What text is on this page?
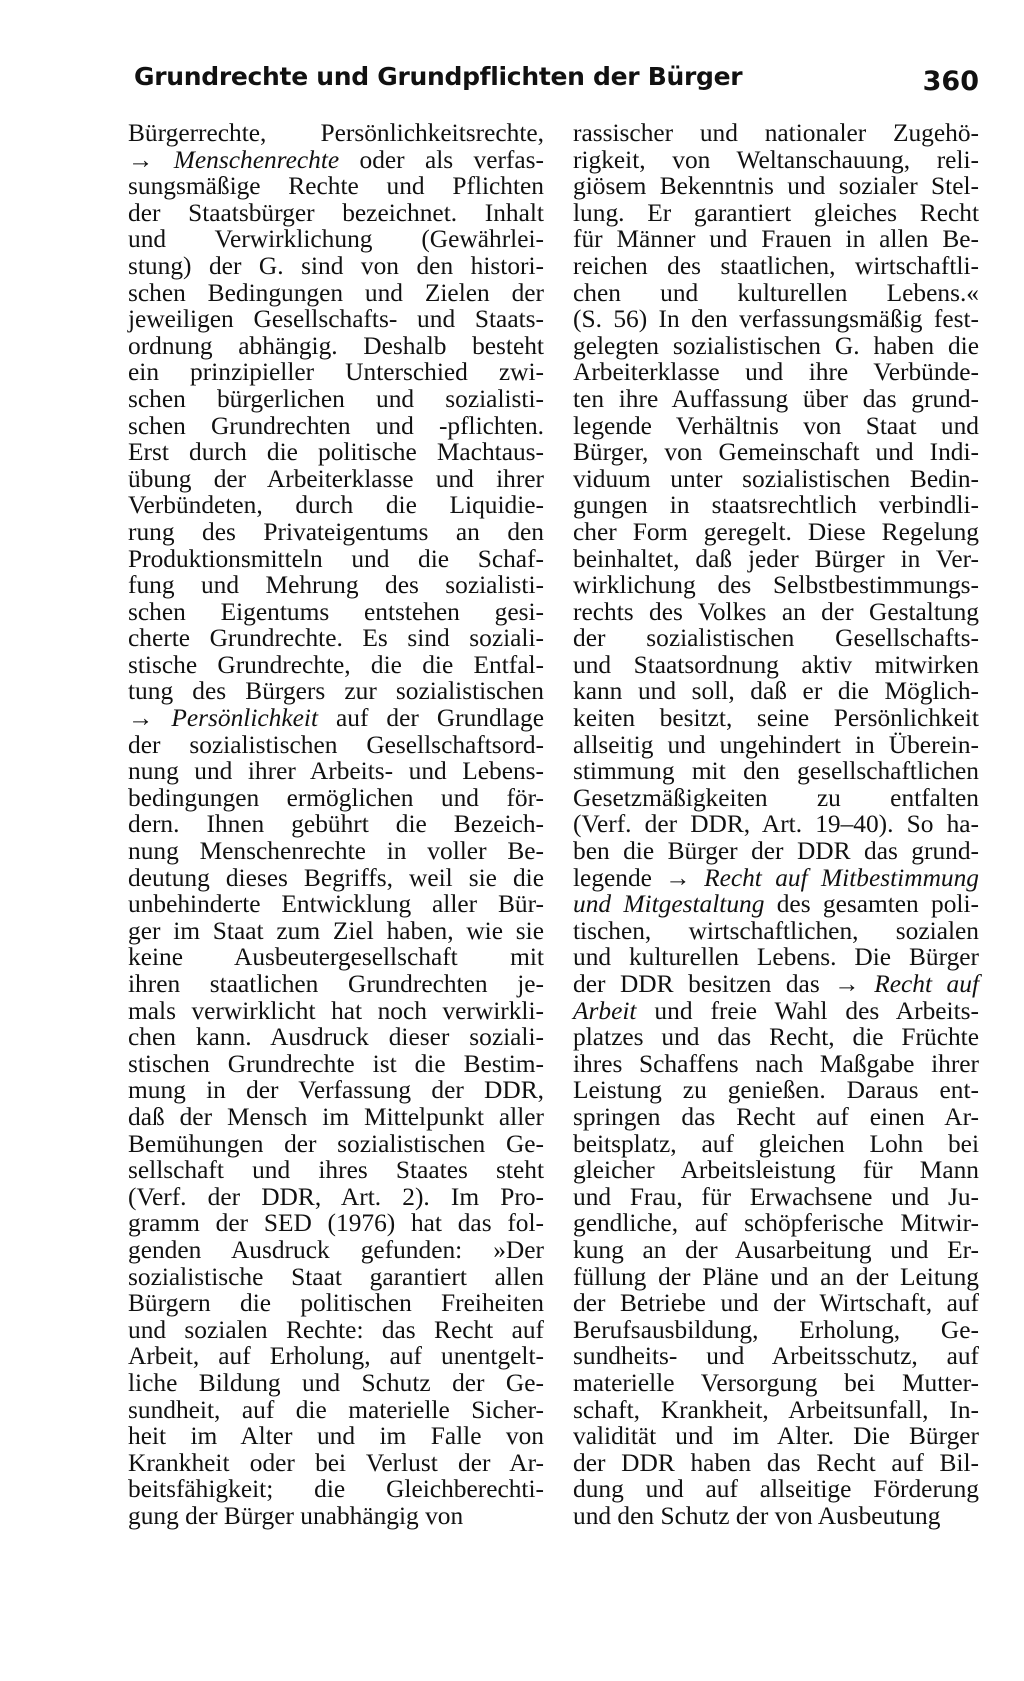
Grundrechte und Grundpflichten der Bürger	360
Bürgerrechte, Persönlichkeitsrechte,
→ Menschenrechte oder als verfas-
sungsmäßige Rechte und Pflichten
der Staatsbürger bezeichnet. Inhalt
und Verwirklichung (Gewährlei-
stung) der G. sind von den histori-
schen Bedingungen und Zielen der
jeweiligen Gesellschafts- und Staats-
ordnung abhängig. Deshalb besteht
ein prinzipieller Unterschied zwi-
schen bürgerlichen und sozialisti-
schen Grundrechten und -pflichten.
Erst durch die politische Machtaus-
übung der Arbeiterklasse und ihrer
Verbündeten, durch die Liquidie-
rung des Privateigentums an den
Produktionsmitteln und die Schaf-
fung und Mehrung des sozialisti-
schen Eigentums entstehen gesi-
cherte Grundrechte. Es sind soziali-
stische Grundrechte, die die Entfal-
tung des Bürgers zur sozialistischen
→ Persönlichkeit auf der Grundlage
der sozialistischen Gesellschaftsord-
nung und ihrer Arbeits- und Lebens-
bedingungen ermöglichen und för-
dern. Ihnen gebührt die Bezeich-
nung Menschenrechte in voller Be-
deutung dieses Begriffs, weil sie die
unbehinderte Entwicklung aller Bür-
ger im Staat zum Ziel haben, wie sie
keine Ausbeutergesellschaft mit
ihren staatlichen Grundrechten je-
mals verwirklicht hat noch verwirkli-
chen kann. Ausdruck dieser soziali-
stischen Grundrechte ist die Bestim-
mung in der Verfassung der DDR,
daß der Mensch im Mittelpunkt aller
Bemühungen der sozialistischen Ge-
sellschaft und ihres Staates steht
(Verf. der DDR, Art. 2). Im Pro-
gramm der SED (1976) hat das fol-
genden Ausdruck gefunden: »Der
sozialistische Staat garantiert allen
Bürgern die politischen Freiheiten
und sozialen Rechte: das Recht auf
Arbeit, auf Erholung, auf unentgelt-
liche Bildung und Schutz der Ge-
sundheit, auf die materielle Sicher-
heit im Alter und im Falle von
Krankheit oder bei Verlust der Ar-
beitsfähigkeit; die Gleichberechti-
gung der Bürger unabhängig von
rassischer und nationaler Zugehö-
rigkeit, von Weltanschauung, reli-
giösem Bekenntnis und sozialer Stel-
lung. Er garantiert gleiches Recht
für Männer und Frauen in allen Be-
reichen des staatlichen, wirtschaftli-
chen und kulturellen Lebens.«
(S. 56) In den verfassungsmäßig fest-
gelegten sozialistischen G. haben die
Arbeiterklasse und ihre Verbünde-
ten ihre Auffassung über das grund-
legende Verhältnis von Staat und
Bürger, von Gemeinschaft und Indi-
viduum unter sozialistischen Bedin-
gungen in staatsrechtlich verbindli-
cher Form geregelt. Diese Regelung
beinhaltet, daß jeder Bürger in Ver-
wirklichung des Selbstbestimmungs-
rechts des Volkes an der Gestaltung
der sozialistischen Gesellschafts-
und Staatsordnung aktiv mitwirken
kann und soll, daß er die Möglich-
keiten besitzt, seine Persönlichkeit
allseitig und ungehindert in Überein-
stimmung mit den gesellschaftlichen
Gesetzmäßigkeiten zu entfalten
(Verf. der DDR, Art. 19–40). So ha-
ben die Bürger der DDR das grund-
legende → Recht auf Mitbestimmung
und Mitgestaltung des gesamten poli-
tischen, wirtschaftlichen, sozialen
und kulturellen Lebens. Die Bürger
der DDR besitzen das → Recht auf
Arbeit und freie Wahl des Arbeits-
platzes und das Recht, die Früchte
ihres Schaffens nach Maßgabe ihrer
Leistung zu genießen. Daraus ent-
springen das Recht auf einen Ar-
beitsplatz, auf gleichen Lohn bei
gleicher Arbeitsleistung für Mann
und Frau, für Erwachsene und Ju-
gendliche, auf schöpferische Mitwir-
kung an der Ausarbeitung und Er-
füllung der Pläne und an der Leitung
der Betriebe und der Wirtschaft, auf
Berufsausbildung, Erholung, Ge-
sundheits- und Arbeitsschutz, auf
materielle Versorgung bei Mutter-
schaft, Krankheit, Arbeitsunfall, In-
validität und im Alter. Die Bürger
der DDR haben das Recht auf Bil-
dung und auf allseitige Förderung
und den Schutz der von Ausbeutung
